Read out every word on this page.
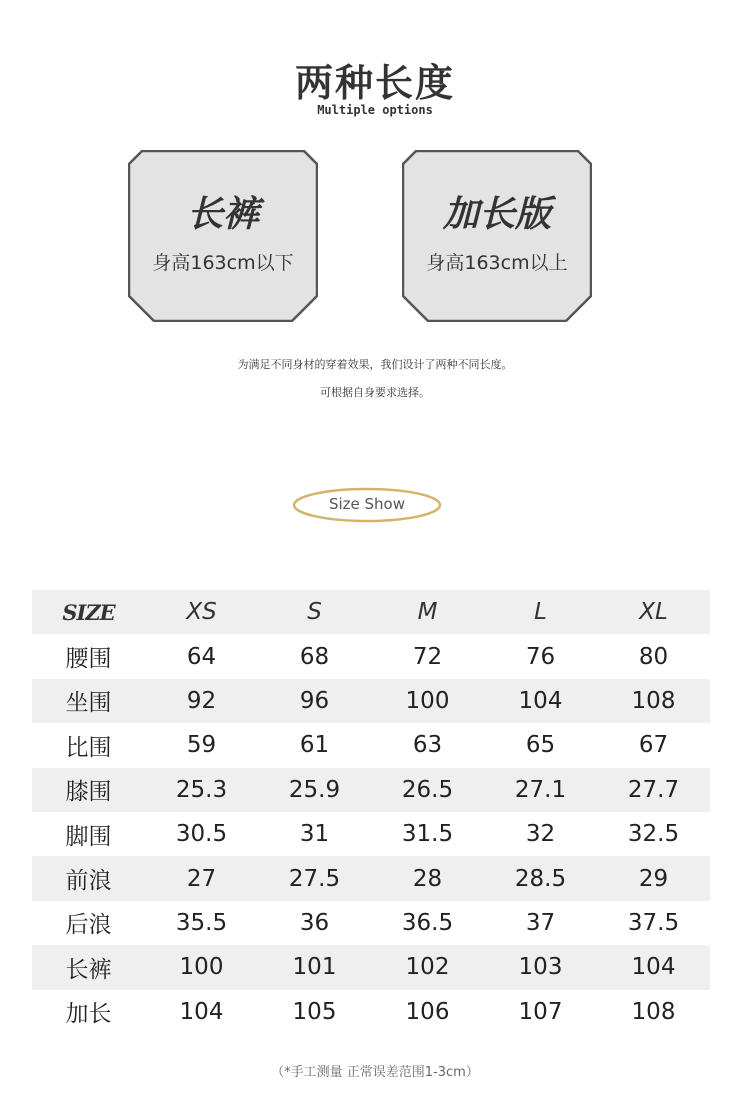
两种长度
Multiple options
长裤
身高163cm以下
加长版
身高163cm以上
为满足不同身材的穿着效果，我们设计了两种不同长度。
可根据自身要求选择。
Size Show
SIZE	XS	S	M	L	XL
腰围	64	68	72	76	80
坐围	92	96	100	104	108
比围	59	61	63	65	67
膝围	25.3	25.9	26.5	27.1	27.7
脚围	30.5	31	31.5	32	32.5
前浪	27	27.5	28	28.5	29
后浪	35.5	36	36.5	37	37.5
长裤	100	101	102	103	104
加长	104	105	106	107	108
（*手工测量 正常误差范围1-3cm）
